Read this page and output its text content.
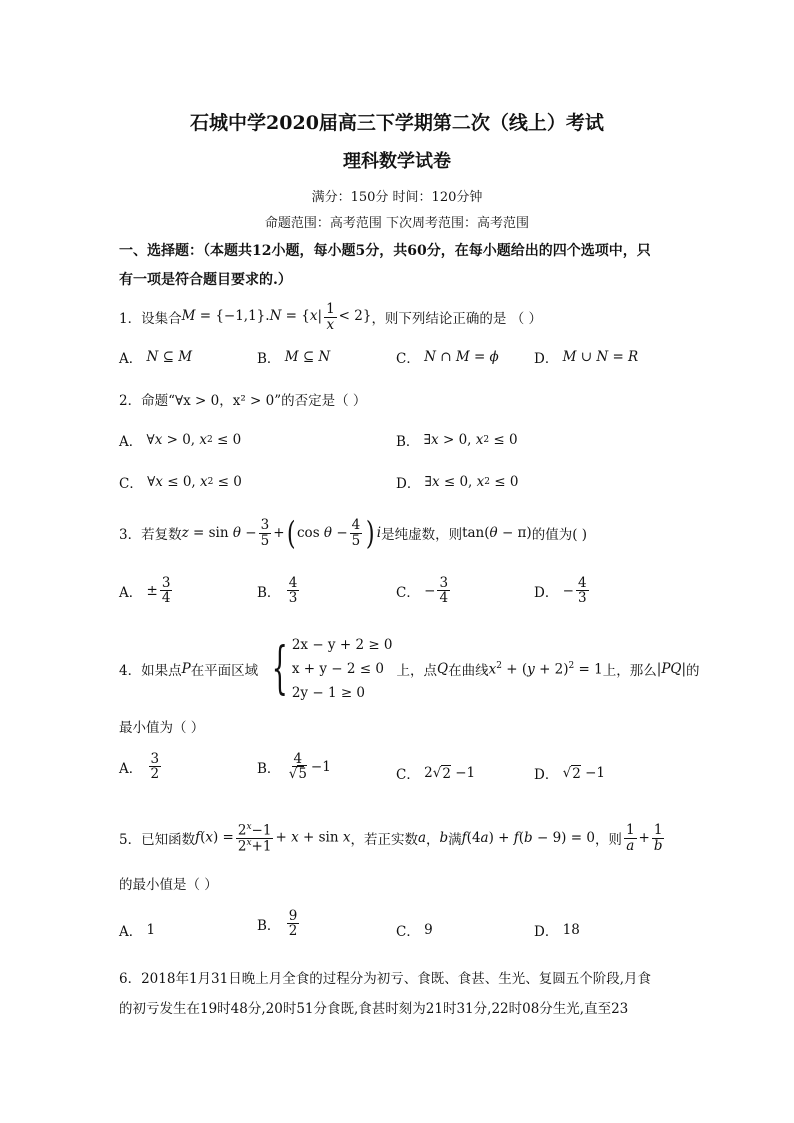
石城中学2020届高三下学期第二次（线上）考试
理科数学试卷
满分：150分 时间：120分钟
命题范围：高考范围 下次周考范围：高考范围
一、选择题：（本题共12小题，每小题5分，共60分，在每小题给出的四个选项中，只
有一项是符合题目要求的.）
1．设集合 $M = \{-1,1\}.N = \{x| \frac{1}{x} < 2\}$ ，则下列结论正确的是 （ ）
A． N ⊆ M	B． M ⊆ N	C． N ∩ M = ϕ	D． M ∪ N = R
2．命题“∀x > 0，x² > 0”的否定是（ ）
A． ∀ x > 0, x 2 ≤ 0	B． ∃ x > 0, x 2 ≤ 0
C． ∀ x ≤ 0, x 2 ≤ 0	D． ∃ x ≤ 0, x 2 ≤ 0
3．若复数 $z = \sin \theta - \frac{3}{5}$ + ( $\cos \theta - \frac{4}{5}$ ) i 是纯虚数，则 tan(θ − π) 的值为( )
A． ± $\frac{3}{4}$	B．
$\frac{4}{3}$	C． − $\frac{3}{4}$	D． − $\frac{4}{3}$
4．如果点 P 在平面区域 { 2x − y + 2 ≥ 0
x + y − 2 ≤ 0
2y − 1 ≥ 0
上，点 Q 在曲线 $x^2 + (y + 2)^2 = 1$ 上，那么 |PQ| 的
最小值为（ ）
A．
$\frac{3}{2}$	B．
$\frac{4}{√5} -1$
C． 2√ 2 −1	D． √ 2 −1
5．已知函数 $f(x) = \frac{2^x-1}{2^x+1} + x + \sin x$ ，若正实数 a ， b 满 f(4a) + f(b − 9) = 0 ，则 $\frac{1}{a} + \frac{1}{b}$
的最小值是（ ）
A．
1	B．
$\frac{9}{2}$	C．
9	D．
18
6．2018年1月31日晚上月全食的过程分为初亏、食既、食甚、生光、复圆五个阶段,月食
的初亏发生在19时48分,20时51分食既,食甚时刻为21时31分,22时08分生光,直至23
